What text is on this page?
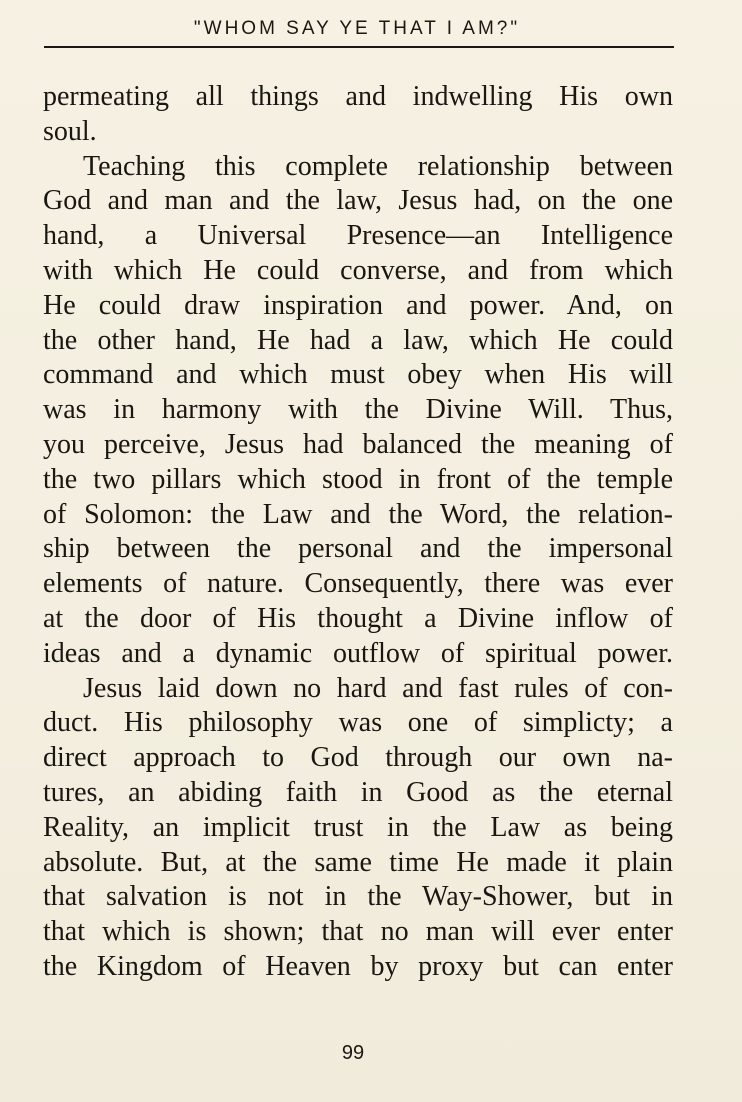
"WHOM SAY YE THAT I AM?"
permeating all things and indwelling His own
soul.
Teaching this complete relationship between
God and man and the law, Jesus had, on the one
hand, a Universal Presence—an Intelligence
with which He could converse, and from which
He could draw inspiration and power. And, on
the other hand, He had a law, which He could
command and which must obey when His will
was in harmony with the Divine Will. Thus,
you perceive, Jesus had balanced the meaning of
the two pillars which stood in front of the temple
of Solomon: the Law and the Word, the relation-
ship between the personal and the impersonal
elements of nature. Consequently, there was ever
at the door of His thought a Divine inflow of
ideas and a dynamic outflow of spiritual power.
Jesus laid down no hard and fast rules of con-
duct. His philosophy was one of simplicty; a
direct approach to God through our own na-
tures, an abiding faith in Good as the eternal
Reality, an implicit trust in the Law as being
absolute. But, at the same time He made it plain
that salvation is not in the Way-Shower, but in
that which is shown; that no man will ever enter
the Kingdom of Heaven by proxy but can enter
99
